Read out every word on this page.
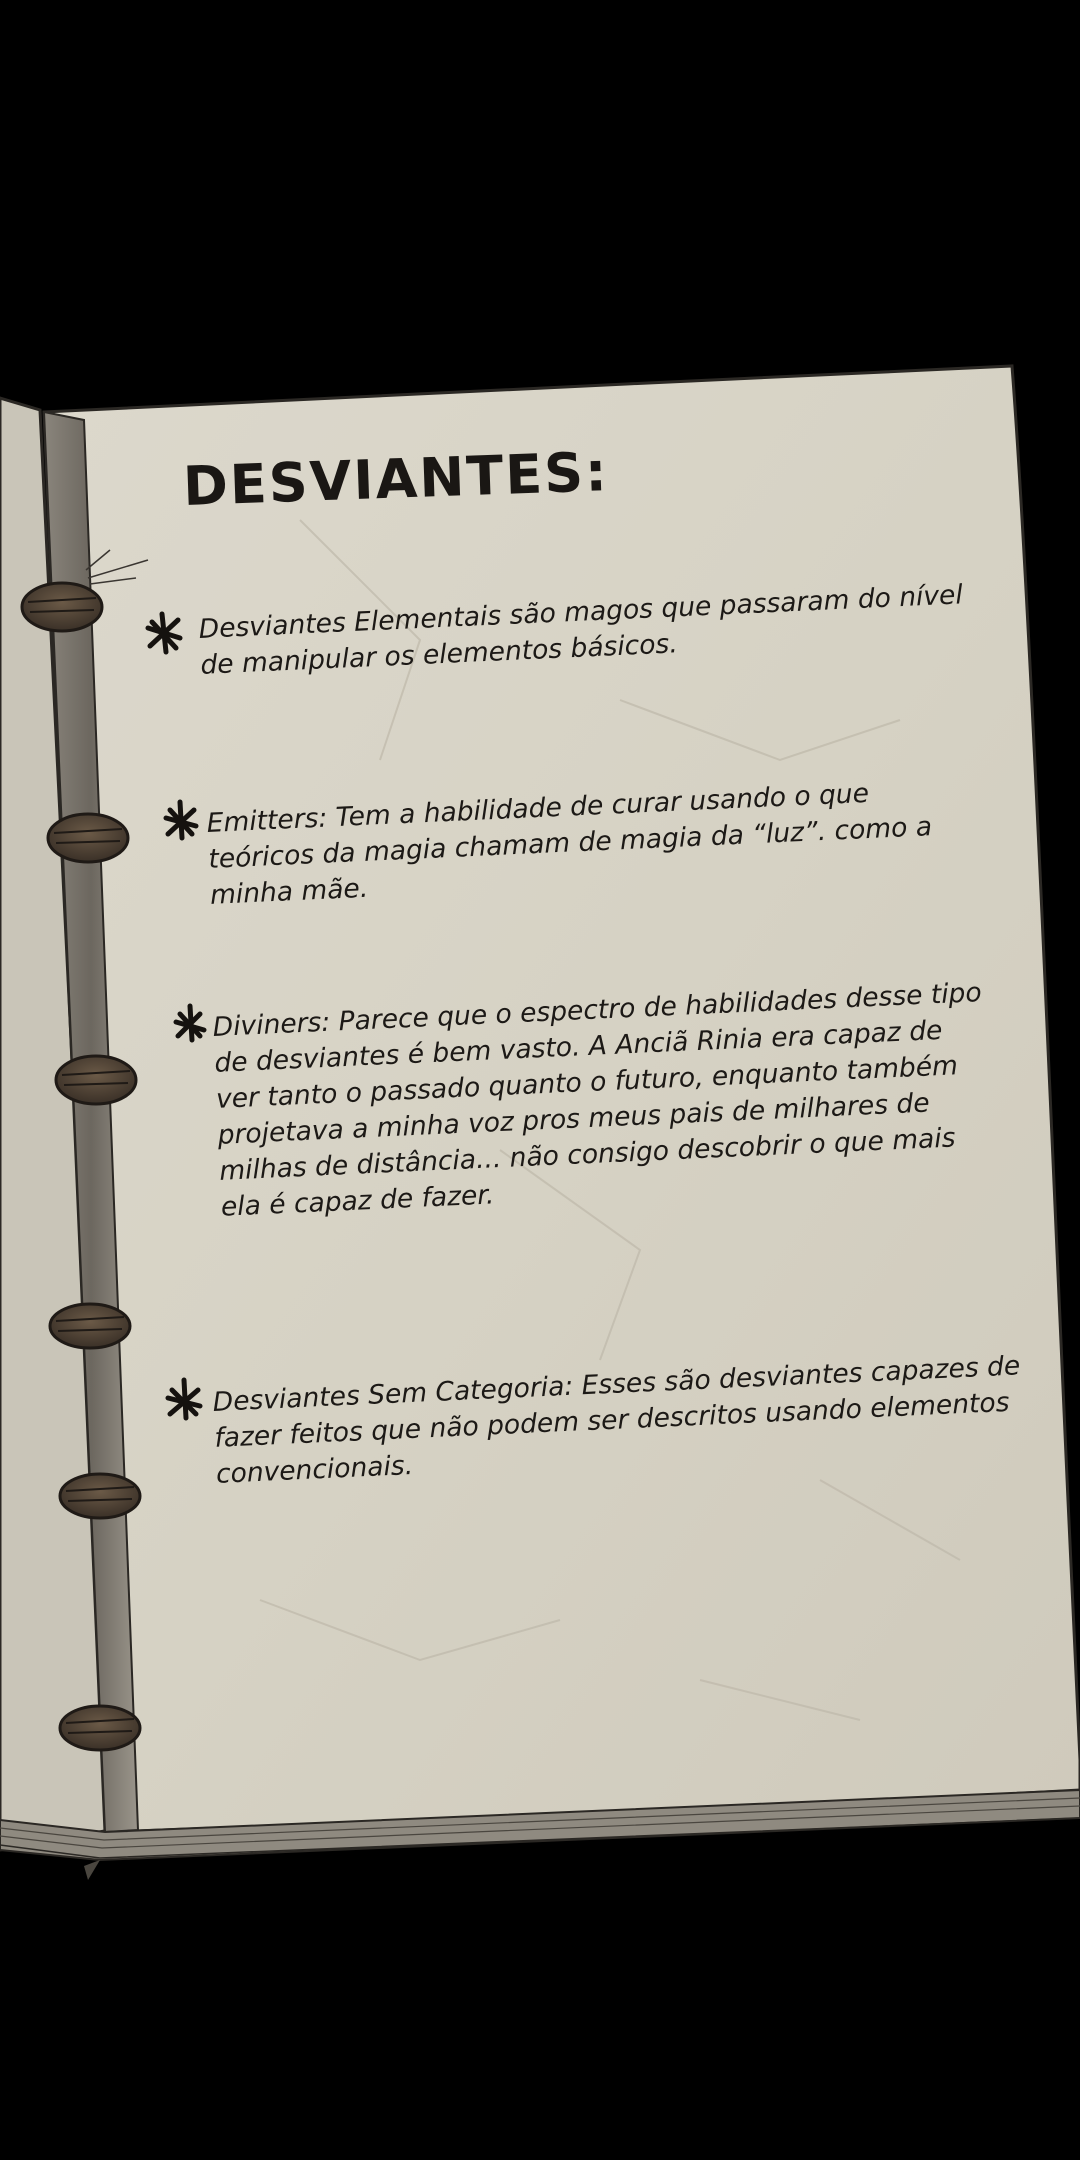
DESVIANTES:
Desviantes Elementais são magos que passaram do nível
de manipular os elementos básicos.
Emitters: Tem a habilidade de curar usando o que
teóricos da magia chamam de magia da “luz”. como a
minha mãe.
Diviners: Parece que o espectro de habilidades desse tipo
de desviantes é bem vasto. A Anciã Rinia era capaz de
ver tanto o passado quanto o futuro, enquanto também
projetava a minha voz pros meus pais de milhares de
milhas de distância... não consigo descobrir o que mais
ela é capaz de fazer.
Desviantes Sem Categoria: Esses são desviantes capazes de
fazer feitos que não podem ser descritos usando elementos
convencionais.
